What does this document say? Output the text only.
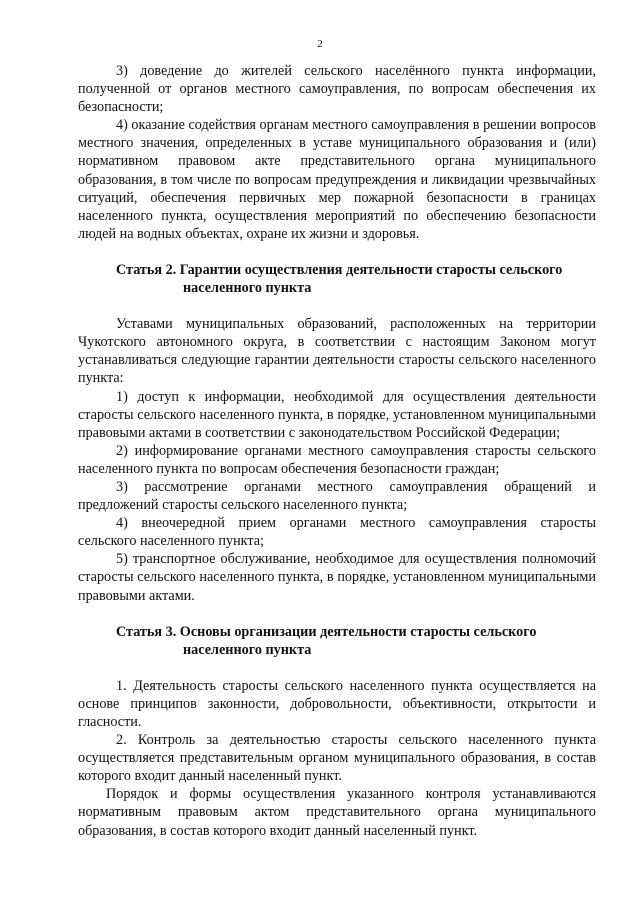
2

3) доведение до жителей сельского населённого пункта информации, полученной от органов местного самоуправления, по вопросам обеспечения их безопасности;

4) оказание содействия органам местного самоуправления в решении вопросов местного значения, определенных в уставе муниципального образования и (или) нормативном правовом акте представительного органа муниципального образования, в том числе по вопросам предупреждения и ликвидации чрезвычайных ситуаций, обеспечения первичных мер пожарной безопасности в границах населенного пункта, осуществления мероприятий по обеспечению безопасности людей на водных объектах, охране их жизни и здоровья.

Статья 2. Гарантии осуществления деятельности старосты сельского
населенного пункта

Уставами муниципальных образований, расположенных на территории Чукотского автономного округа, в соответствии с настоящим Законом могут устанавливаться следующие гарантии деятельности старосты сельского населенного пункта:

1) доступ к информации, необходимой для осуществления деятельности старосты сельского населенного пункта, в порядке, установленном муниципальными правовыми актами в соответствии с законодательством Российской Федерации;

2) информирование органами местного самоуправления старосты сельского населенного пункта по вопросам обеспечения безопасности граждан;

3) рассмотрение органами местного самоуправления обращений и предложений старосты сельского населенного пункта;

4) внеочередной прием органами местного самоуправления старосты сельского населенного пункта;

5) транспортное обслуживание, необходимое для осуществления полномочий старосты сельского населенного пункта, в порядке, установленном муниципальными правовыми актами.

Статья 3. Основы организации деятельности старосты сельского
населенного пункта

1. Деятельность старосты сельского населенного пункта осуществляется на основе принципов законности, добровольности, объективности, открытости и гласности.

2. Контроль за деятельностью старосты сельского населенного пункта осуществляется представительным органом муниципального образования, в состав которого входит данный населенный пункт.

Порядок и формы осуществления указанного контроля устанавливаются нормативным правовым актом представительного органа муниципального образования, в состав которого входит данный населенный пункт.
